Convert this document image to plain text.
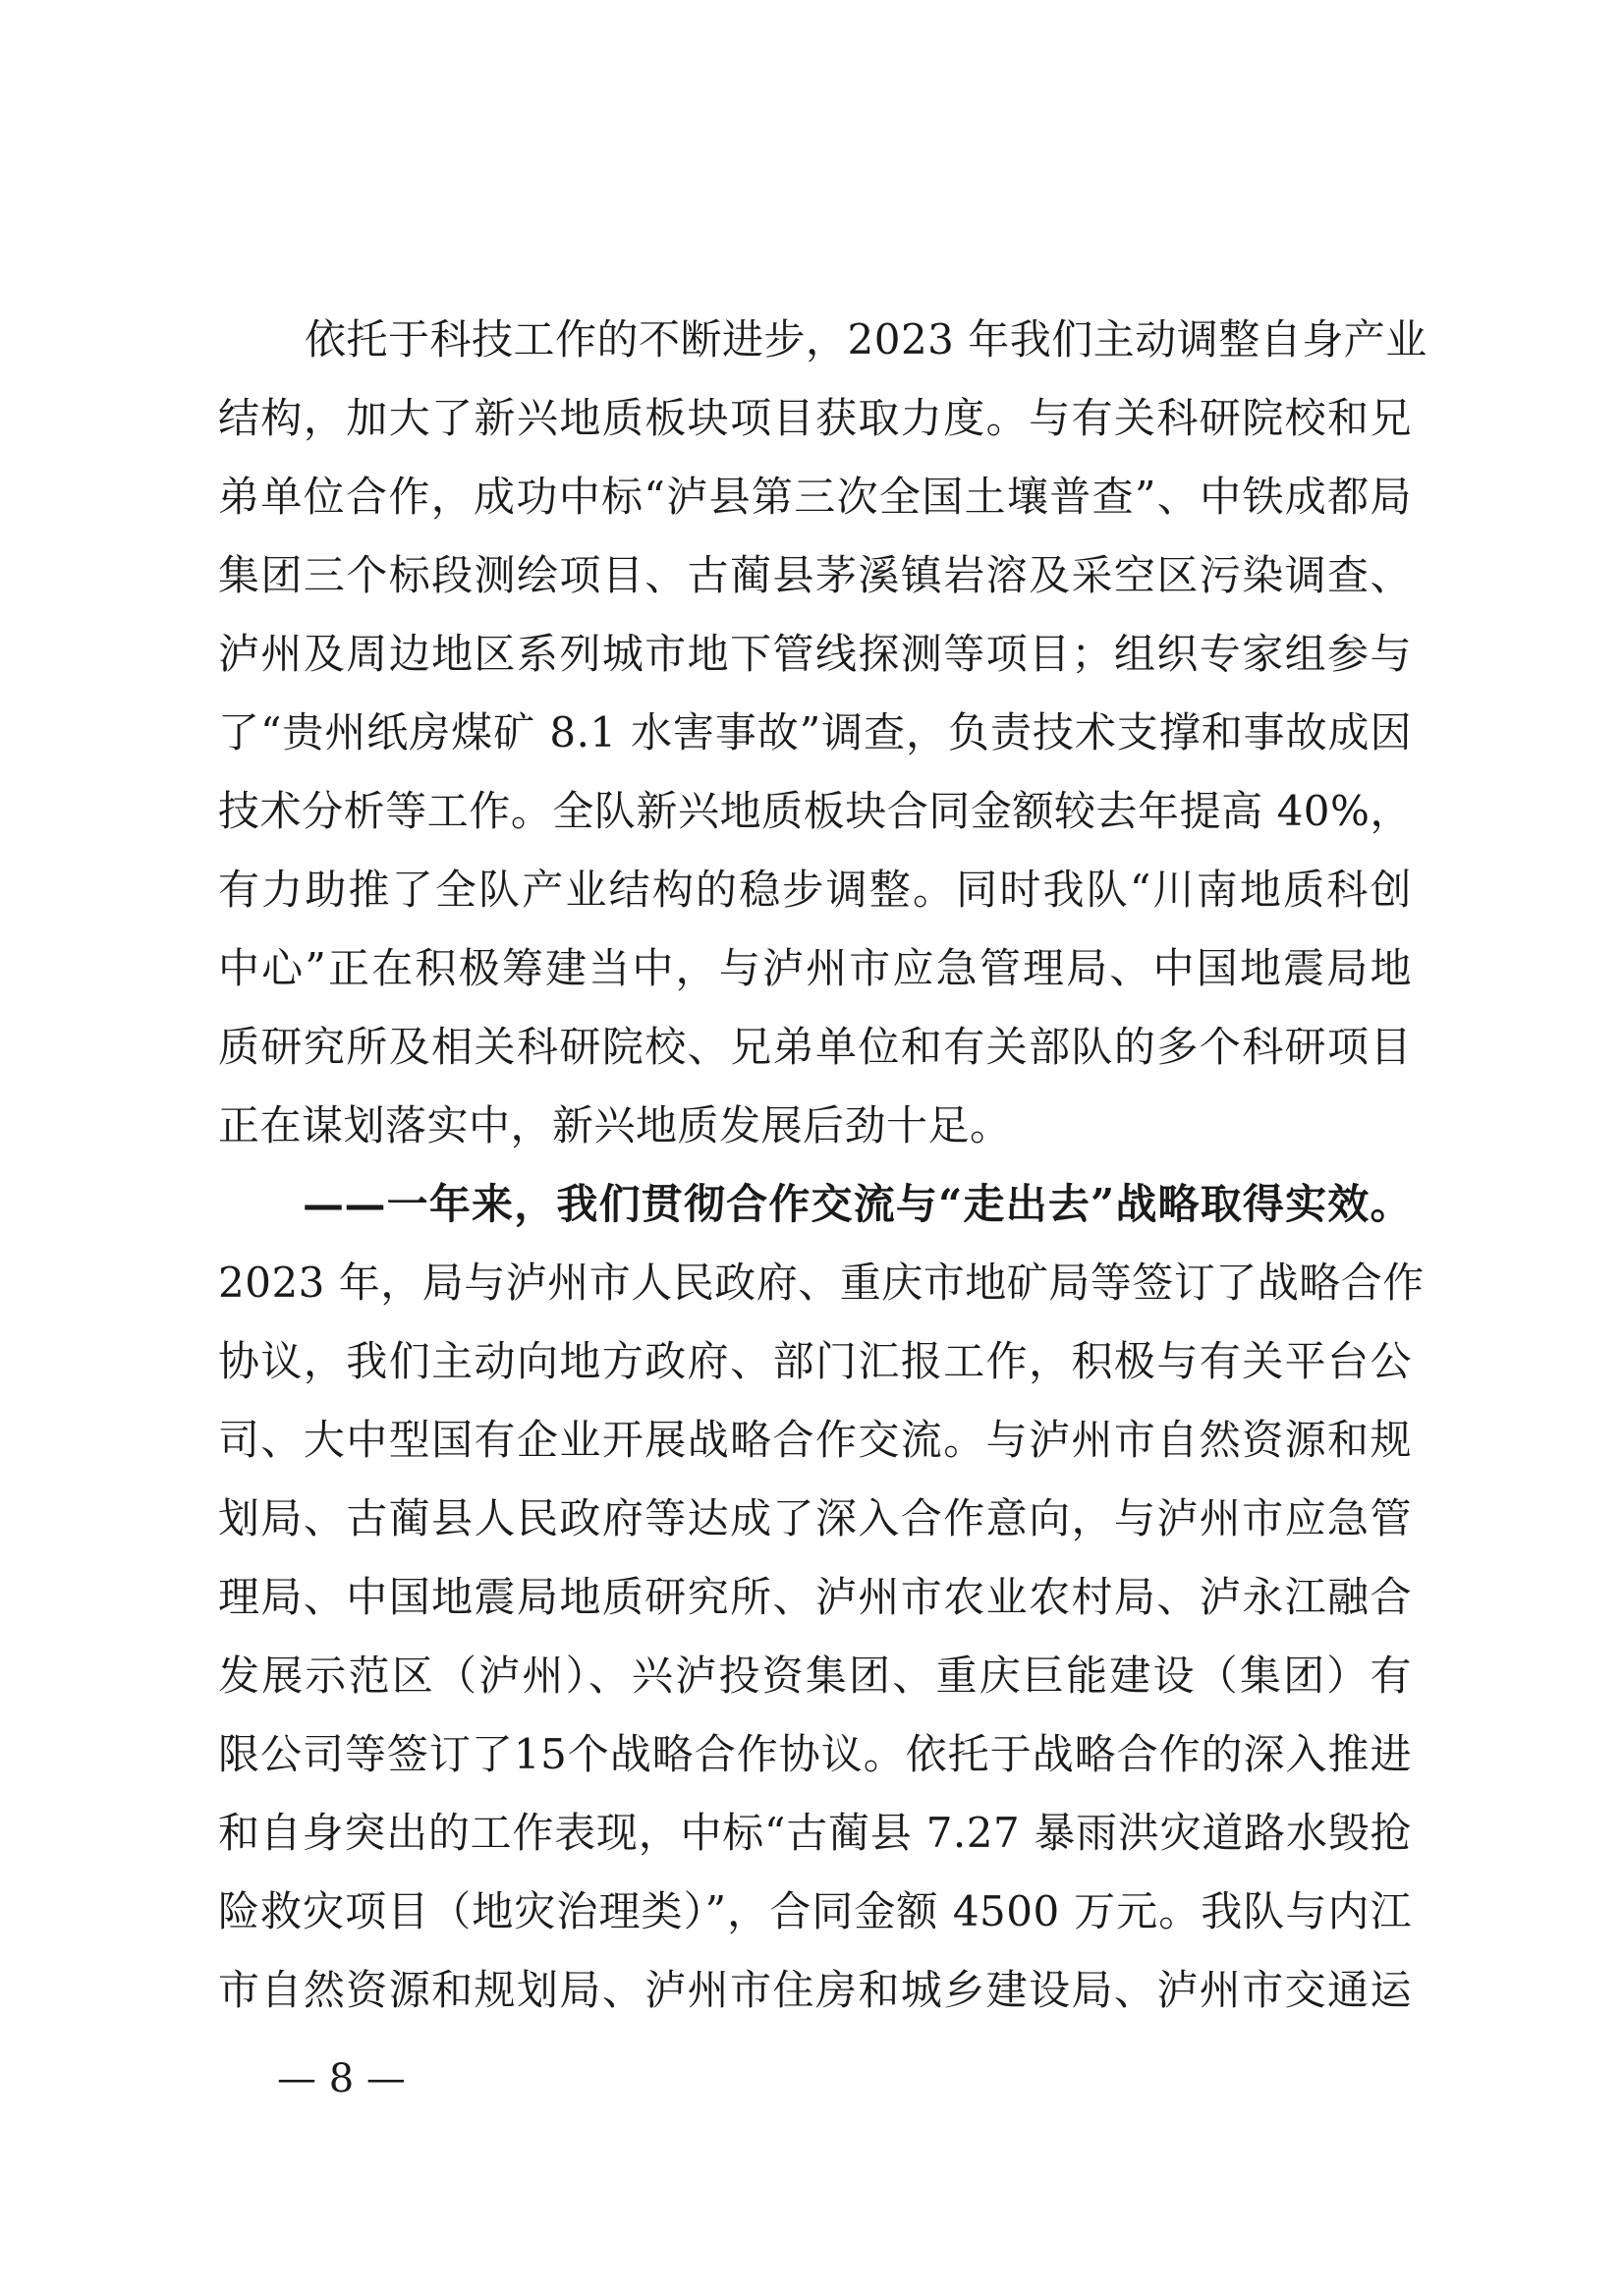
依托于科技工作的不断进步，2023 年我们主动调整自身产业
结构，加大了新兴地质板块项目获取力度。与有关科研院校和兄
弟单位合作，成功中标“泸县第三次全国土壤普查”、中铁成都局
集团三个标段测绘项目、古蔺县茅溪镇岩溶及采空区污染调查、
泸州及周边地区系列城市地下管线探测等项目；组织专家组参与
了“贵州纸房煤矿 8.1 水害事故”调查，负责技术支撑和事故成因
技术分析等工作。全队新兴地质板块合同金额较去年提高 40%，
有力助推了全队产业结构的稳步调整。同时我队“川南地质科创
中心”正在积极筹建当中，与泸州市应急管理局、中国地震局地
质研究所及相关科研院校、兄弟单位和有关部队的多个科研项目
正在谋划落实中，新兴地质发展后劲十足。
——一年来，我们贯彻合作交流与“走出去”战略取得实效。
2023 年，局与泸州市人民政府、重庆市地矿局等签订了战略合作
协议，我们主动向地方政府、部门汇报工作，积极与有关平台公
司、大中型国有企业开展战略合作交流。与泸州市自然资源和规
划局、古蔺县人民政府等达成了深入合作意向，与泸州市应急管
理局、中国地震局地质研究所、泸州市农业农村局、泸永江融合
发展示范区（泸州）、兴泸投资集团、重庆巨能建设（集团）有
限公司等签订了15个战略合作协议。依托于战略合作的深入推进
和自身突出的工作表现，中标“古蔺县 7.27 暴雨洪灾道路水毁抢
险救灾项目（地灾治理类）”，合同金额 4500 万元。我队与内江
市自然资源和规划局、泸州市住房和城乡建设局、泸州市交通运
— 8 —
